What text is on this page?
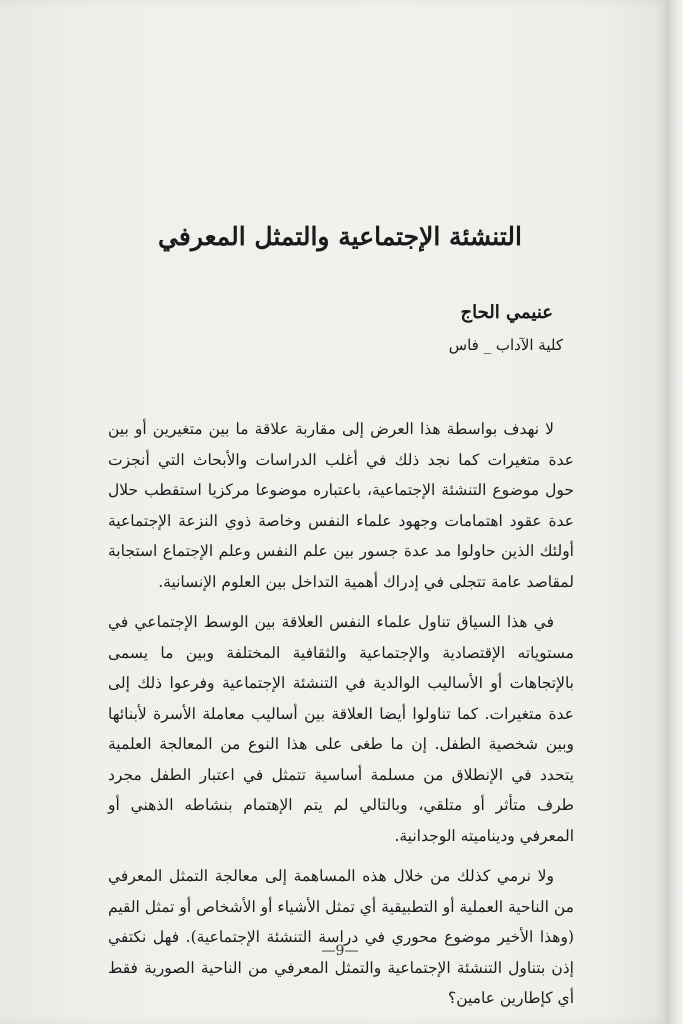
التنشئة الإجتماعية والتمثل المعرفي
عنيمي الحاج
كلية الآداب _ فاس

لا نهدف بواسطة هذا العرض إلى مقاربة علاقة ما بين متغيرين أو بين عدة متغيرات كما نجد ذلك في أغلب الدراسات والأبحاث التي أنجزت حول موضوع التنشئة الإجتماعية، باعتباره موضوعا مركزيا استقطب حلال عدة عقود اهتمامات وجهود علماء النفس وخاصة ذوي النزعة الإجتماعية أولئك الذين حاولوا مد عدة جسور بين علم النفس وعلم الإجتماع استجابة لمقاصد عامة تتجلى في إدراك أهمية التداخل بين العلوم الإنسانية.

في هذا السياق تناول علماء النفس العلاقة بين الوسط الإجتماعي في مستوياته الإقتصادية والإجتماعية والثقافية المختلفة وبين ما يسمى بالإتجاهات أو الأساليب الوالدية في التنشئة الإجتماعية وفرعوا ذلك إلى عدة متغيرات. كما تناولوا أيضا العلاقة بين أساليب معاملة الأسرة لأبنائها وبين شخصية الطفل. إن ما طغى على هذا النوع من المعالجة العلمية يتحدد في الإنطلاق من مسلمة أساسية تتمثل في اعتبار الطفل مجرد طرف متأثر أو متلقي، وبالتالي لم يتم الإهتمام بنشاطه الذهني أو المعرفي وديناميته الوجدانية.

ولا نرمي كذلك من خلال هذه المساهمة إلى معالجة التمثل المعرفي من الناحية العملية أو التطبيقية أي تمثل الأشياء أو الأشخاص أو تمثل القيم (وهذا الأخير موضوع محوري في دراسة التنشئة الإجتماعية). فهل نكتفي إذن بتناول التنشئة الإجتماعية والتمثل المعرفي من الناحية الصورية فقط أي كإطارين عامين؟

—9—
